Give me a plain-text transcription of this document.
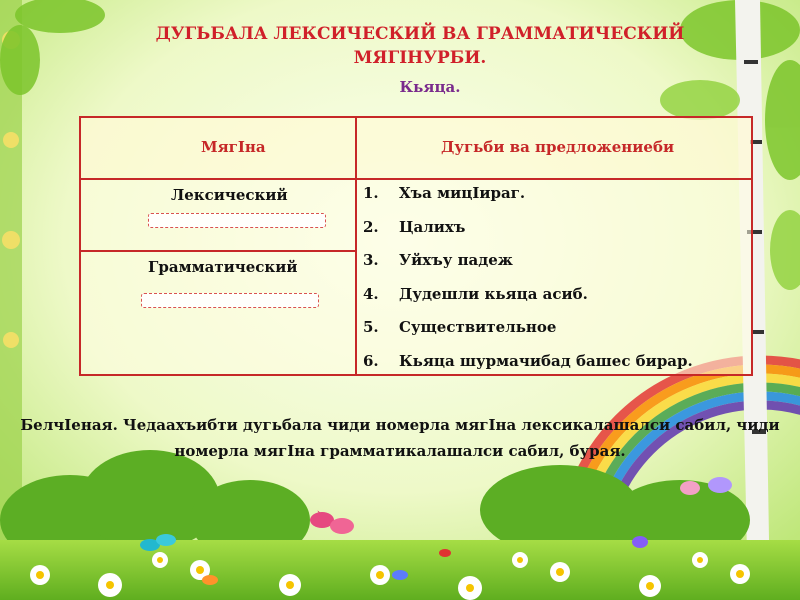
ДУГЬБАЛА ЛЕКСИЧЕСКИЙ ВА ГРАММАТИЧЕСКИЙ МЯГIНУРБИ.
Кьяца.
МягIна	Дугьби ва предложениеби
Лексический
Грамматический
1. Хъа мицIираг.
2. Цалихъ
3. Уйхъу падеж
4. Дудешли кьяца асиб.
5. Существительное
6. Кьяца шурмачибад башес бирар.
БелчIеная. Чедаахъибти дугьбала чиди номерла мягIна лексикалашалси сабил, чиди номерла мягIна грамматикалашалси сабил, бурая.
